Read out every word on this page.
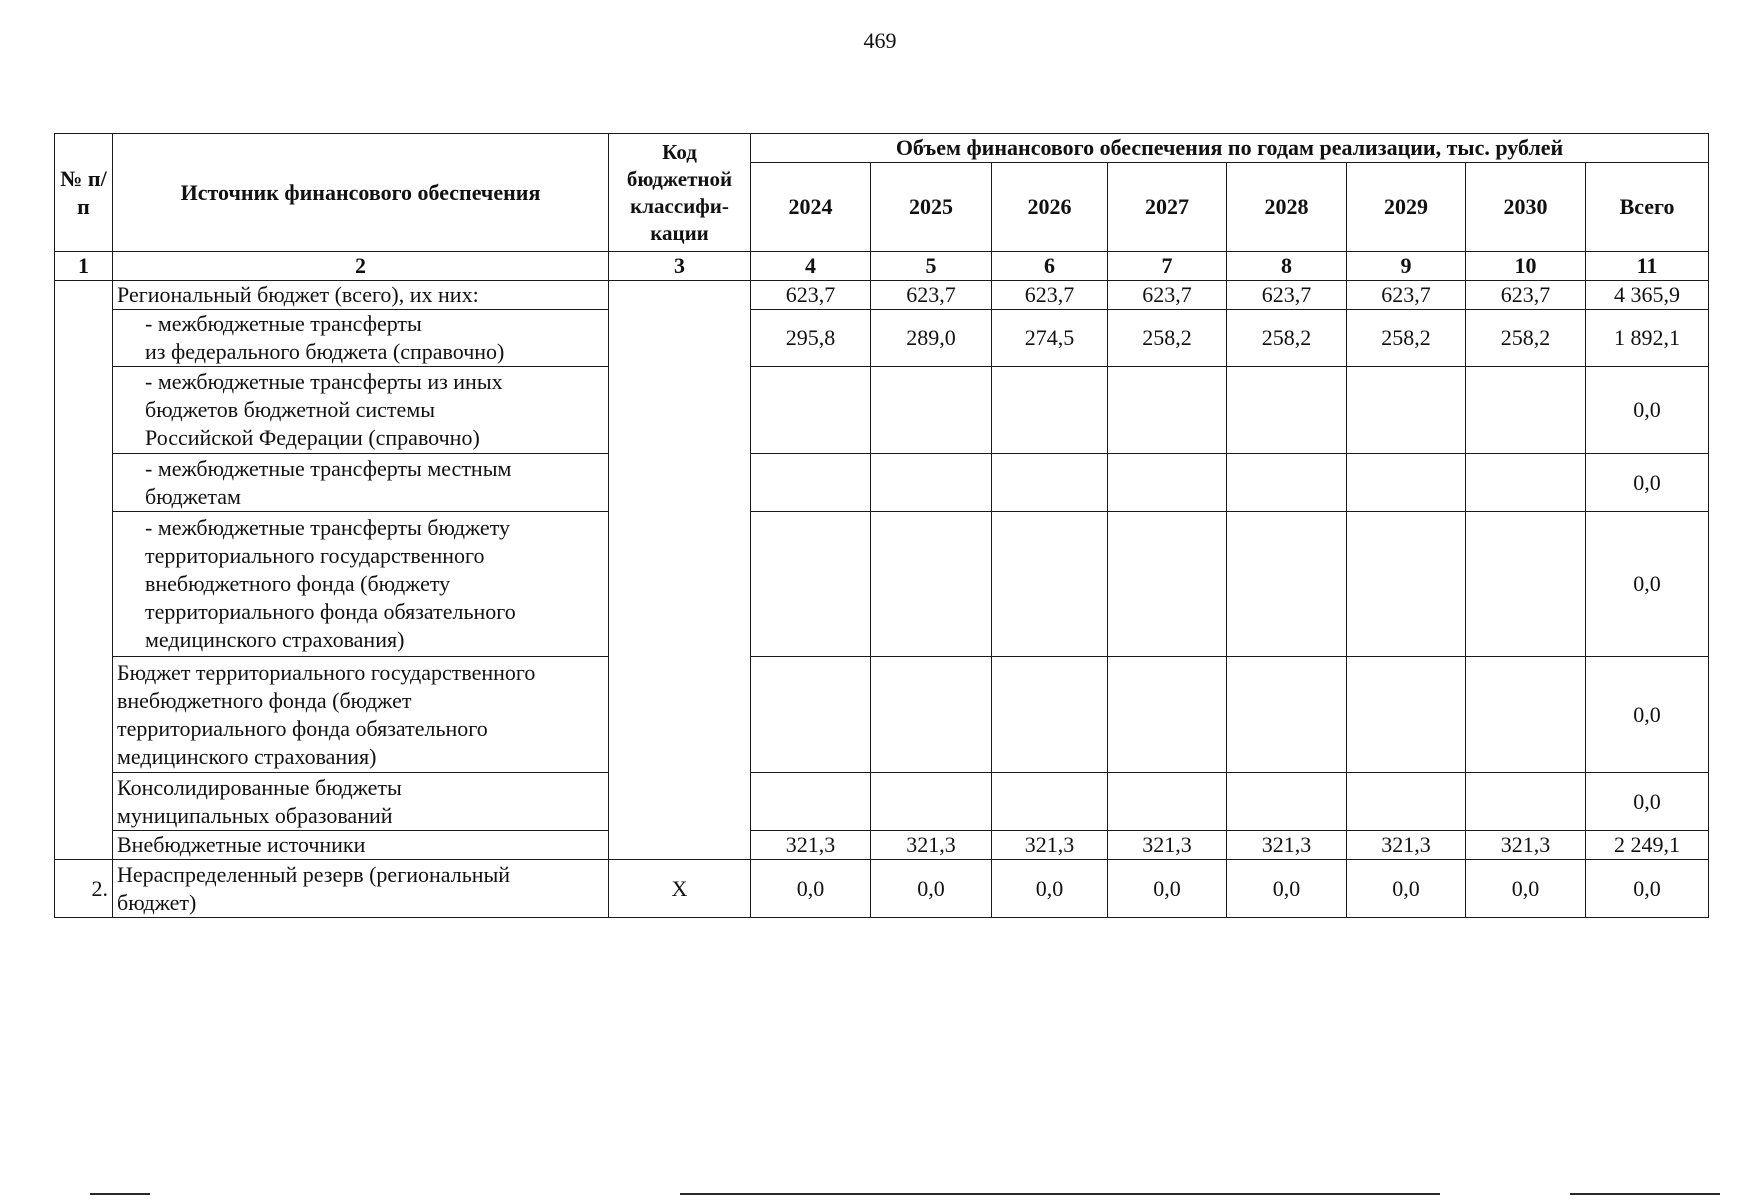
469
№ п/п	Источник финансового обеспечения	Код
бюджетной
классифи-
кации	Объем финансового обеспечения по годам реализации, тыс. рублей							
			2024	2025	2026	2027	2028	2029	2030	Всего
1	2	3	4	5	6	7	8	9	10	11

	Региональный бюджет (всего), их них:		623,7	623,7	623,7	623,7	623,7	623,7	623,7	4 365,9

	- межбюджетные трансферты
из федерального бюджета (справочно)		295,8	289,0	274,5	258,2	258,2	258,2	258,2	1 892,1

	- межбюджетные трансферты из иных
бюджетов бюджетной системы
Российской Федерации (справочно)									0,0

	- межбюджетные трансферты местным
бюджетам									0,0

	- межбюджетные трансферты бюджету
территориального государственного
внебюджетного фонда (бюджету
территориального фонда обязательного
медицинского страхования)									0,0

	Бюджет территориального государственного
внебюджетного фонда (бюджет
территориального фонда обязательного
медицинского страхования)									0,0

	Консолидированные бюджеты
муниципальных образований									0,0

	Внебюджетные источники		321,3	321,3	321,3	321,3	321,3	321,3	321,3	2 249,1
2.	Нераспределенный резерв (региональный
бюджет)	Х	0,0	0,0	0,0	0,0	0,0	0,0	0,0	0,0
